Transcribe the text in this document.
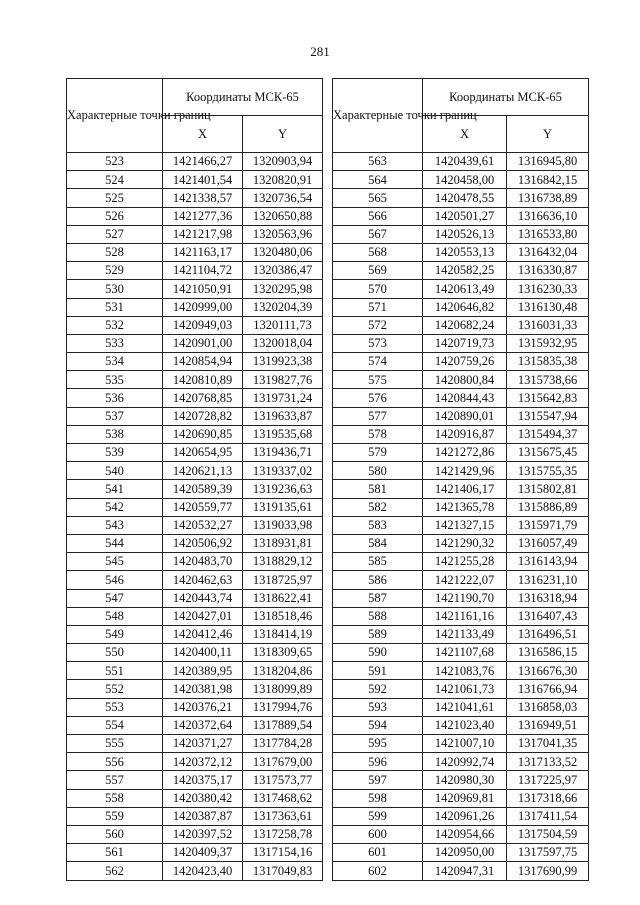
281
Характерные точки границ	Координаты МСК-65	
	X	Y
523	1421466,27	1320903,94
524	1421401,54	1320820,91
525	1421338,57	1320736,54
526	1421277,36	1320650,88
527	1421217,98	1320563,96
528	1421163,17	1320480,06
529	1421104,72	1320386,47
530	1421050,91	1320295,98
531	1420999,00	1320204,39
532	1420949,03	1320111,73
533	1420901,00	1320018,04
534	1420854,94	1319923,38
535	1420810,89	1319827,76
536	1420768,85	1319731,24
537	1420728,82	1319633,87
538	1420690,85	1319535,68
539	1420654,95	1319436,71
540	1420621,13	1319337,02
541	1420589,39	1319236,63
542	1420559,77	1319135,61
543	1420532,27	1319033,98
544	1420506,92	1318931,81
545	1420483,70	1318829,12
546	1420462,63	1318725,97
547	1420443,74	1318622,41
548	1420427,01	1318518,46
549	1420412,46	1318414,19
550	1420400,11	1318309,65
551	1420389,95	1318204,86
552	1420381,98	1318099,89
553	1420376,21	1317994,76
554	1420372,64	1317889,54
555	1420371,27	1317784,28
556	1420372,12	1317679,00
557	1420375,17	1317573,77
558	1420380,42	1317468,62
559	1420387,87	1317363,61
560	1420397,52	1317258,78
561	1420409,37	1317154,16
562	1420423,40	1317049,83
Характерные точки границ	Координаты МСК-65	
	X	Y
563	1420439,61	1316945,80
564	1420458,00	1316842,15
565	1420478,55	1316738,89
566	1420501,27	1316636,10
567	1420526,13	1316533,80
568	1420553,13	1316432,04
569	1420582,25	1316330,87
570	1420613,49	1316230,33
571	1420646,82	1316130,48
572	1420682,24	1316031,33
573	1420719,73	1315932,95
574	1420759,26	1315835,38
575	1420800,84	1315738,66
576	1420844,43	1315642,83
577	1420890,01	1315547,94
578	1420916,87	1315494,37
579	1421272,86	1315675,45
580	1421429,96	1315755,35
581	1421406,17	1315802,81
582	1421365,78	1315886,89
583	1421327,15	1315971,79
584	1421290,32	1316057,49
585	1421255,28	1316143,94
586	1421222,07	1316231,10
587	1421190,70	1316318,94
588	1421161,16	1316407,43
589	1421133,49	1316496,51
590	1421107,68	1316586,15
591	1421083,76	1316676,30
592	1421061,73	1316766,94
593	1421041,61	1316858,03
594	1421023,40	1316949,51
595	1421007,10	1317041,35
596	1420992,74	1317133,52
597	1420980,30	1317225,97
598	1420969,81	1317318,66
599	1420961,26	1317411,54
600	1420954,66	1317504,59
601	1420950,00	1317597,75
602	1420947,31	1317690,99
